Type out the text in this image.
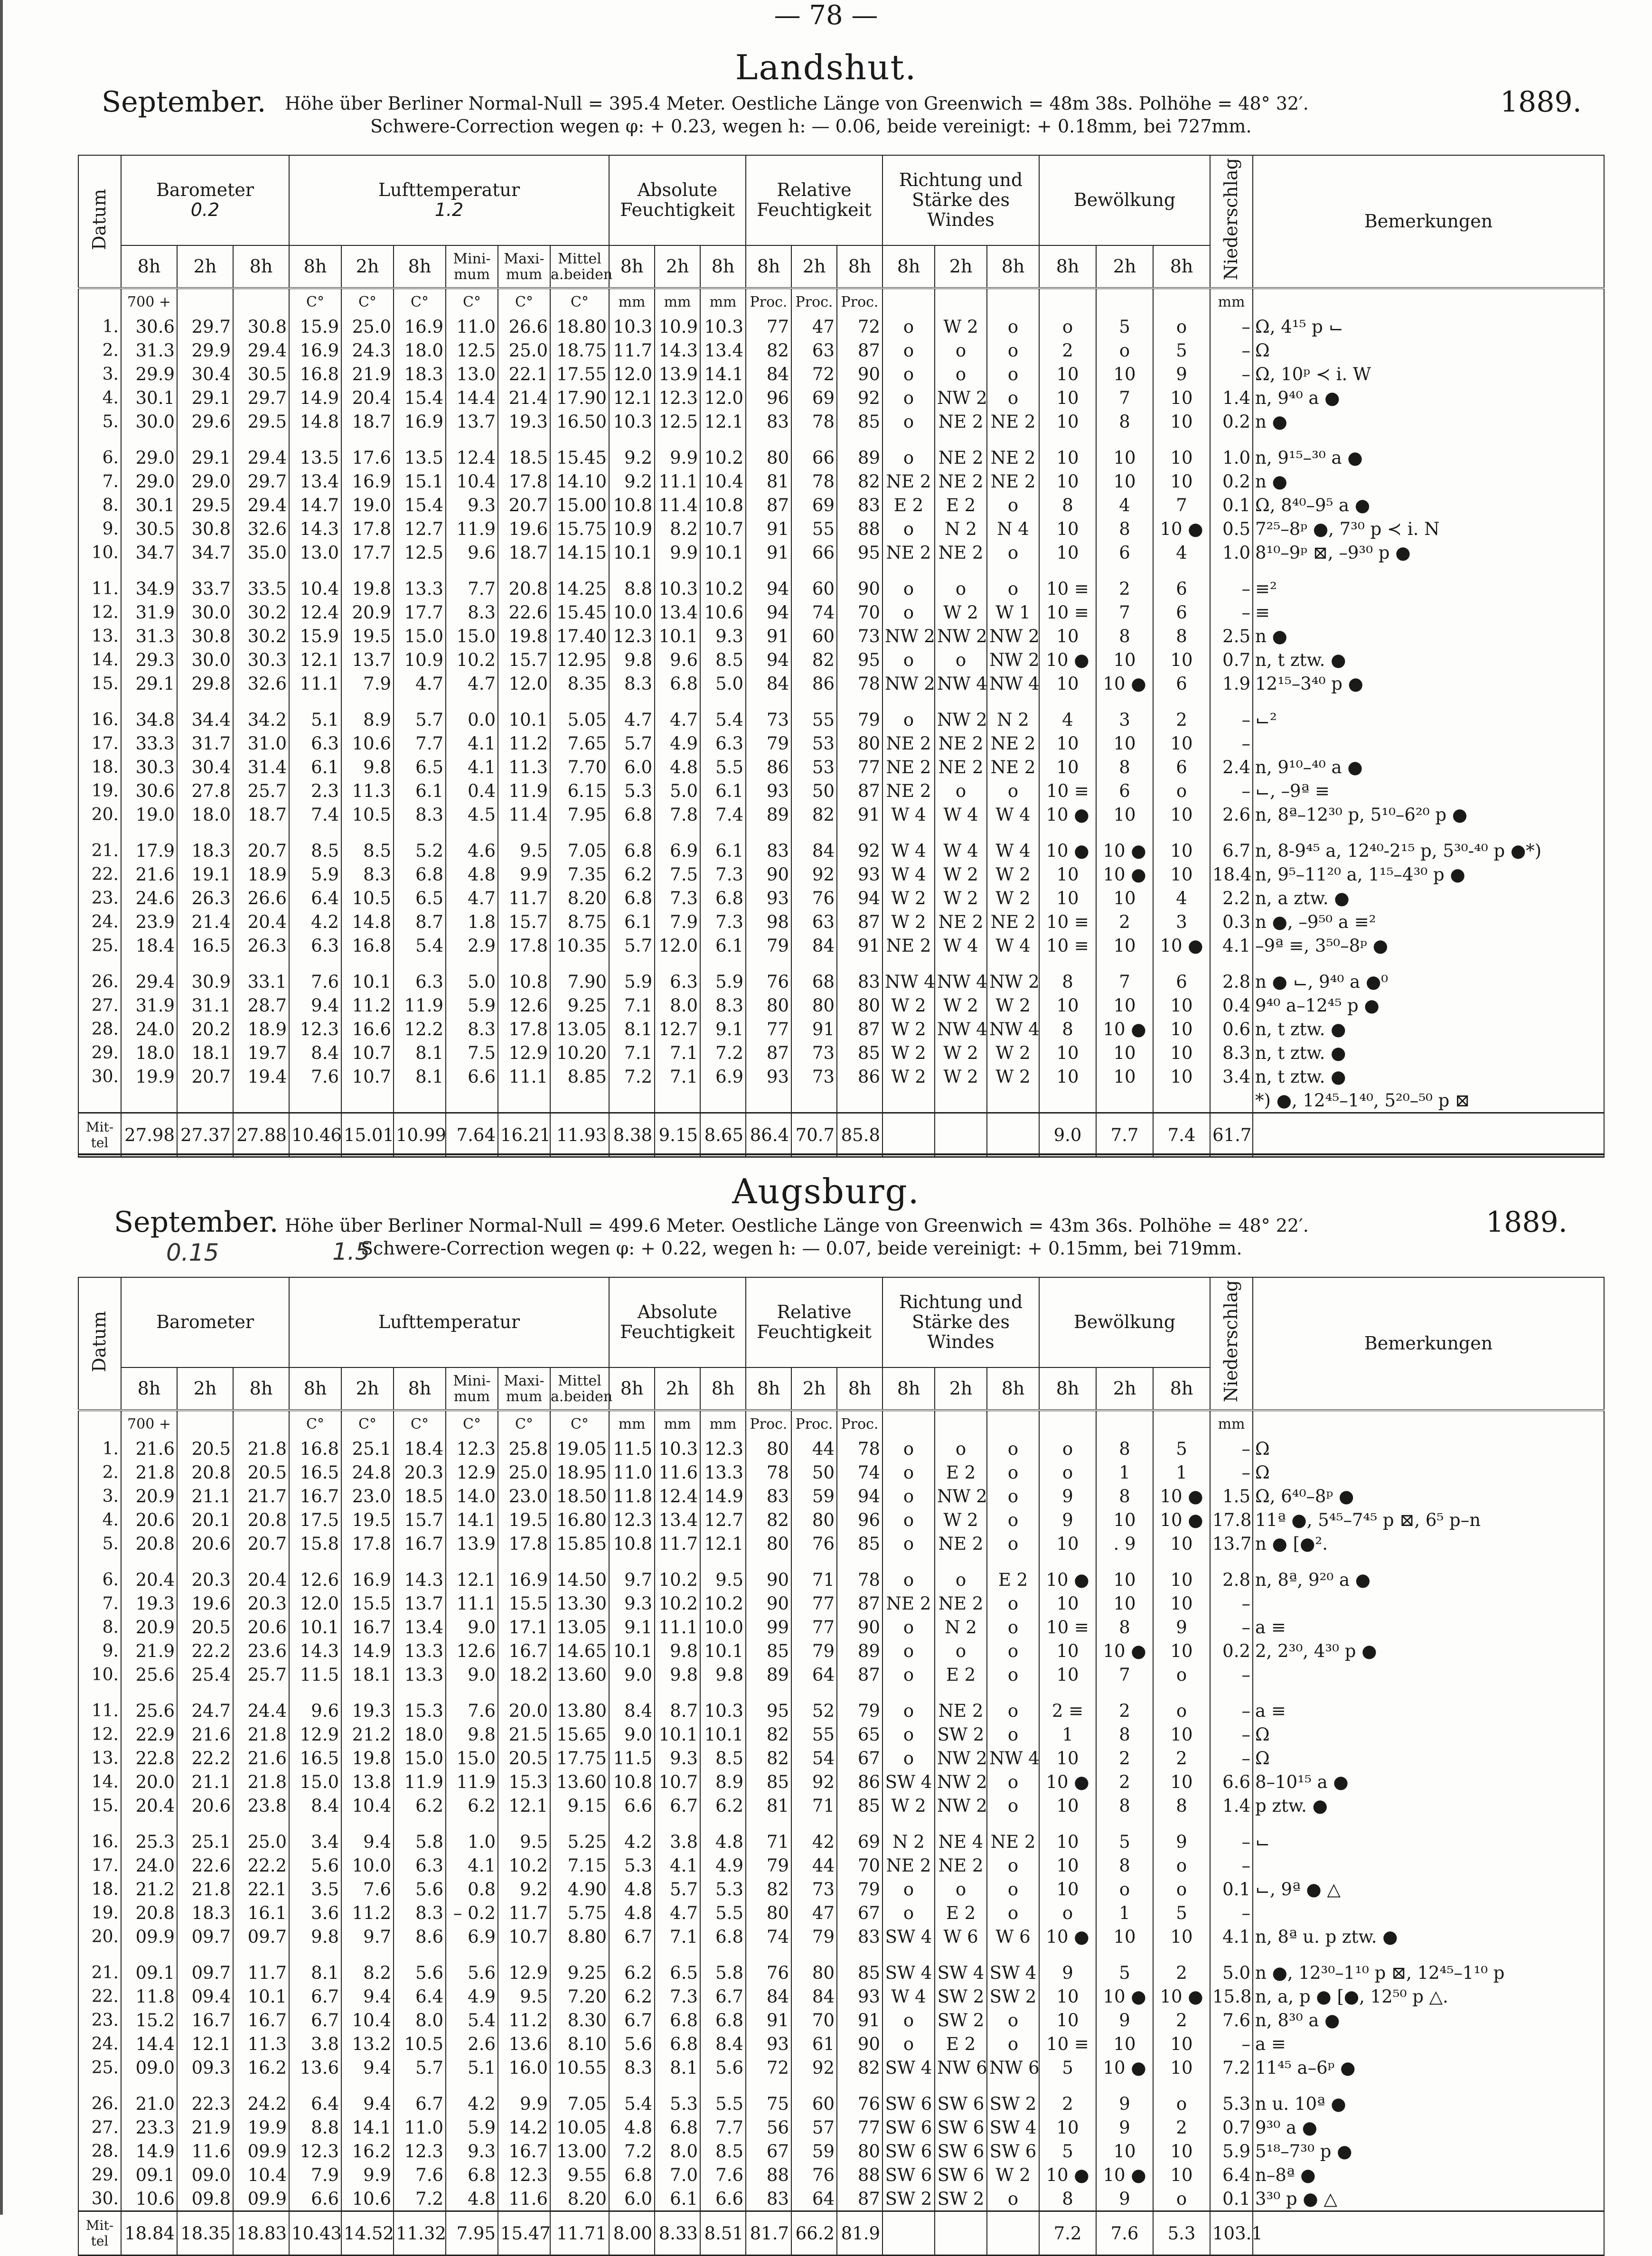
— 78 —
Landshut.
September.	1889.
Höhe über Berliner Normal-Null = 395.4 Meter. Oestliche Länge von Greenwich = 48m 38s. Polhöhe = 48° 32′.
Schwere-Correction wegen φ: + 0.23, wegen h: — 0.06, beide vereinigt: + 0.18mm, bei 727mm.
Datum	Barometer
0.2			Lufttemperatur
1.2						Absolute Feuchtigkeit			Relative Feuchtigkeit			Richtung und Stärke des Windes			Bewölkung			Niederschlag	Bemerkungen
	8h	2h	8h	8h	2h	8h	Mini-mum	Maxi-mum	Mittel a.beiden	8h	2h	8h	8h	2h	8h	8h	2h	8h	8h	2h	8h		
	700 +			C°	C°	C°	C°	C°	C°	mm	mm	mm	Proc.	Proc.	Proc.							mm	
1.	30.6	29.7	30.8	15.9	25.0	16.9	11.0	26.6	18.80	10.3	10.9	10.3	77	47	72	o	W 2	o	o	5	o	–	Ω, 4¹⁵ p ⌙
2.	31.3	29.9	29.4	16.9	24.3	18.0	12.5	25.0	18.75	11.7	14.3	13.4	82	63	87	o	o	o	2	o	5	–	Ω
3.	29.9	30.4	30.5	16.8	21.9	18.3	13.0	22.1	17.55	12.0	13.9	14.1	84	72	90	o	o	o	10	10	9	–	Ω, 10ᵖ ≺ i. W
4.	30.1	29.1	29.7	14.9	20.4	15.4	14.4	21.4	17.90	12.1	12.3	12.0	96	69	92	o	NW 2	o	10	7	10	1.4	n, 9⁴⁰ a ●
5.	30.0	29.6	29.5	14.8	18.7	16.9	13.7	19.3	16.50	10.3	12.5	12.1	83	78	85	o	NE 2	NE 2	10	8	10	0.2	n ●

6.	29.0	29.1	29.4	13.5	17.6	13.5	12.4	18.5	15.45	9.2	9.9	10.2	80	66	89	o	NE 2	NE 2	10	10	10	1.0	n, 9¹⁵–³⁰ a ●
7.	29.0	29.0	29.7	13.4	16.9	15.1	10.4	17.8	14.10	9.2	11.1	10.4	81	78	82	NE 2	NE 2	NE 2	10	10	10	0.2	n ●
8.	30.1	29.5	29.4	14.7	19.0	15.4	9.3	20.7	15.00	10.8	11.4	10.8	87	69	83	E 2	E 2	o	8	4	7	0.1	Ω, 8⁴⁰–9⁵ a ●
9.	30.5	30.8	32.6	14.3	17.8	12.7	11.9	19.6	15.75	10.9	8.2	10.7	91	55	88	o	N 2	N 4	10	8	10 ●	0.5	7²⁵–8ᵖ ●, 7³⁰ p ≺ i. N
10.	34.7	34.7	35.0	13.0	17.7	12.5	9.6	18.7	14.15	10.1	9.9	10.1	91	66	95	NE 2	NE 2	o	10	6	4	1.0	8¹⁰–9ᵖ ⊠, –9³⁰ p ●

11.	34.9	33.7	33.5	10.4	19.8	13.3	7.7	20.8	14.25	8.8	10.3	10.2	94	60	90	o	o	o	10 ≡	2	6	–	≡²
12.	31.9	30.0	30.2	12.4	20.9	17.7	8.3	22.6	15.45	10.0	13.4	10.6	94	74	70	o	W 2	W 1	10 ≡	7	6	–	≡
13.	31.3	30.8	30.2	15.9	19.5	15.0	15.0	19.8	17.40	12.3	10.1	9.3	91	60	73	NW 2	NW 2	NW 2	10	8	8	2.5	n ●
14.	29.3	30.0	30.3	12.1	13.7	10.9	10.2	15.7	12.95	9.8	9.6	8.5	94	82	95	o	o	NW 2	10 ●	10	10	0.7	n, t ztw. ●
15.	29.1	29.8	32.6	11.1	7.9	4.7	4.7	12.0	8.35	8.3	6.8	5.0	84	86	78	NW 2	NW 4	NW 4	10	10 ●	6	1.9	12¹⁵–3⁴⁰ p ●

16.	34.8	34.4	34.2	5.1	8.9	5.7	0.0	10.1	5.05	4.7	4.7	5.4	73	55	79	o	NW 2	N 2	4	3	2	–	⌙²
17.	33.3	31.7	31.0	6.3	10.6	7.7	4.1	11.2	7.65	5.7	4.9	6.3	79	53	80	NE 2	NE 2	NE 2	10	10	10	–	
18.	30.3	30.4	31.4	6.1	9.8	6.5	4.1	11.3	7.70	6.0	4.8	5.5	86	53	77	NE 2	NE 2	NE 2	10	8	6	2.4	n, 9¹⁰–⁴⁰ a ●
19.	30.6	27.8	25.7	2.3	11.3	6.1	0.4	11.9	6.15	5.3	5.0	6.1	93	50	87	NE 2	o	o	10 ≡	6	o	–	⌙, –9ª ≡
20.	19.0	18.0	18.7	7.4	10.5	8.3	4.5	11.4	7.95	6.8	7.8	7.4	89	82	91	W 4	W 4	W 4	10 ●	10	10	2.6	n, 8ª–12³⁰ p, 5¹⁰–6²⁰ p ●

21.	17.9	18.3	20.7	8.5	8.5	5.2	4.6	9.5	7.05	6.8	6.9	6.1	83	84	92	W 4	W 4	W 4	10 ●	10 ●	10	6.7	n, 8-9⁴⁵ a, 12⁴⁰-2¹⁵ p, 5³⁰-⁴⁰ p ●*)
22.	21.6	19.1	18.9	5.9	8.3	6.8	4.8	9.9	7.35	6.2	7.5	7.3	90	92	93	W 4	W 2	W 2	10	10 ●	10	18.4	n, 9⁵–11²⁰ a, 1¹⁵–4³⁰ p ●
23.	24.6	26.3	26.6	6.4	10.5	6.5	4.7	11.7	8.20	6.8	7.3	6.8	93	76	94	W 2	W 2	W 2	10	10	4	2.2	n, a ztw. ●
24.	23.9	21.4	20.4	4.2	14.8	8.7	1.8	15.7	8.75	6.1	7.9	7.3	98	63	87	W 2	NE 2	NE 2	10 ≡	2	3	0.3	n ●, –9⁵⁰ a ≡²
25.	18.4	16.5	26.3	6.3	16.8	5.4	2.9	17.8	10.35	5.7	12.0	6.1	79	84	91	NE 2	W 4	W 4	10 ≡	10	10 ●	4.1	–9ª ≡, 3⁵⁰–8ᵖ ●

26.	29.4	30.9	33.1	7.6	10.1	6.3	5.0	10.8	7.90	5.9	6.3	5.9	76	68	83	NW 4	NW 4	NW 2	8	7	6	2.8	n ● ⌙, 9⁴⁰ a ●⁰
27.	31.9	31.1	28.7	9.4	11.2	11.9	5.9	12.6	9.25	7.1	8.0	8.3	80	80	80	W 2	W 2	W 2	10	10	10	0.4	9⁴⁰ a–12⁴⁵ p ●
28.	24.0	20.2	18.9	12.3	16.6	12.2	8.3	17.8	13.05	8.1	12.7	9.1	77	91	87	W 2	NW 4	NW 4	8	10 ●	10	0.6	n, t ztw. ●
29.	18.0	18.1	19.7	8.4	10.7	8.1	7.5	12.9	10.20	7.1	7.1	7.2	87	73	85	W 2	W 2	W 2	10	10	10	8.3	n, t ztw. ●
30.	19.9	20.7	19.4	7.6	10.7	8.1	6.6	11.1	8.85	7.2	7.1	6.9	93	73	86	W 2	W 2	W 2	10	10	10	3.4	n, t ztw. ●
																							*) ●, 12⁴⁵–1⁴⁰, 5²⁰–⁵⁰ p ⊠
Mit-tel	27.98	27.37	27.88	10.46	15.01	10.99	7.64	16.21	11.93	8.38	9.15	8.65	86.4	70.7	85.8				9.0	7.7	7.4	61.7	
Augsburg.
September.	1889.
Höhe über Berliner Normal-Null = 499.6 Meter. Oestliche Länge von Greenwich = 43m 36s. Polhöhe = 48° 22′.
Schwere-Correction wegen φ: + 0.22, wegen h: — 0.07, beide vereinigt: + 0.15mm, bei 719mm.
0.15	1.5
Datum	Barometer			Lufttemperatur						Absolute Feuchtigkeit			Relative Feuchtigkeit			Richtung und Stärke des Windes			Bewölkung			Niederschlag	Bemerkungen
	8h	2h	8h	8h	2h	8h	Mini-mum	Maxi-mum	Mittel a.beiden	8h	2h	8h	8h	2h	8h	8h	2h	8h	8h	2h	8h		
	700 +			C°	C°	C°	C°	C°	C°	mm	mm	mm	Proc.	Proc.	Proc.							mm	
1.	21.6	20.5	21.8	16.8	25.1	18.4	12.3	25.8	19.05	11.5	10.3	12.3	80	44	78	o	o	o	o	8	5	–	Ω
2.	21.8	20.8	20.5	16.5	24.8	20.3	12.9	25.0	18.95	11.0	11.6	13.3	78	50	74	o	E 2	o	o	1	1	–	Ω
3.	20.9	21.1	21.7	16.7	23.0	18.5	14.0	23.0	18.50	11.8	12.4	14.9	83	59	94	o	NW 2	o	9	8	10 ●	1.5	Ω, 6⁴⁰–8ᵖ ●
4.	20.6	20.1	20.8	17.5	19.5	15.7	14.1	19.5	16.80	12.3	13.4	12.7	82	80	96	o	W 2	o	9	10	10 ●	17.8	11ª ●, 5⁴⁵–7⁴⁵ p ⊠, 6⁵ p–n
5.	20.8	20.6	20.7	15.8	17.8	16.7	13.9	17.8	15.85	10.8	11.7	12.1	80	76	85	o	NE 2	o	10	. 9	10	13.7	n ● [●².

6.	20.4	20.3	20.4	12.6	16.9	14.3	12.1	16.9	14.50	9.7	10.2	9.5	90	71	78	o	o	E 2	10 ●	10	10	2.8	n, 8ª, 9²⁰ a ●
7.	19.3	19.6	20.3	12.0	15.5	13.7	11.1	15.5	13.30	9.3	10.2	10.2	90	77	87	NE 2	NE 2	o	10	10	10	–	
8.	20.9	20.5	20.6	10.1	16.7	13.4	9.0	17.1	13.05	9.1	11.1	10.0	99	77	90	o	N 2	o	10 ≡	8	9	–	a ≡
9.	21.9	22.2	23.6	14.3	14.9	13.3	12.6	16.7	14.65	10.1	9.8	10.1	85	79	89	o	o	o	10	10 ●	10	0.2	2, 2³⁰, 4³⁰ p ●
10.	25.6	25.4	25.7	11.5	18.1	13.3	9.0	18.2	13.60	9.0	9.8	9.8	89	64	87	o	E 2	o	10	7	o	–	

11.	25.6	24.7	24.4	9.6	19.3	15.3	7.6	20.0	13.80	8.4	8.7	10.3	95	52	79	o	NE 2	o	2 ≡	2	o	–	a ≡
12.	22.9	21.6	21.8	12.9	21.2	18.0	9.8	21.5	15.65	9.0	10.1	10.1	82	55	65	o	SW 2	o	1	8	10	–	Ω
13.	22.8	22.2	21.6	16.5	19.8	15.0	15.0	20.5	17.75	11.5	9.3	8.5	82	54	67	o	NW 2	NW 4	10	2	2	–	Ω
14.	20.0	21.1	21.8	15.0	13.8	11.9	11.9	15.3	13.60	10.8	10.7	8.9	85	92	86	SW 4	NW 2	o	10 ●	2	10	6.6	8–10¹⁵ a ●
15.	20.4	20.6	23.8	8.4	10.4	6.2	6.2	12.1	9.15	6.6	6.7	6.2	81	71	85	W 2	NW 2	o	10	8	8	1.4	p ztw. ●

16.	25.3	25.1	25.0	3.4	9.4	5.8	1.0	9.5	5.25	4.2	3.8	4.8	71	42	69	N 2	NE 4	NE 2	10	5	9	–	⌙
17.	24.0	22.6	22.2	5.6	10.0	6.3	4.1	10.2	7.15	5.3	4.1	4.9	79	44	70	NE 2	NE 2	o	10	8	o	–	
18.	21.2	21.8	22.1	3.5	7.6	5.6	0.8	9.2	4.90	4.8	5.7	5.3	82	73	79	o	o	o	10	o	o	0.1	⌙, 9ª ● △
19.	20.8	18.3	16.1	3.6	11.2	8.3	– 0.2	11.7	5.75	4.8	4.7	5.5	80	47	67	o	E 2	o	o	1	5	–	
20.	09.9	09.7	09.7	9.8	9.7	8.6	6.9	10.7	8.80	6.7	7.1	6.8	74	79	83	SW 4	W 6	W 6	10 ●	10	10	4.1	n, 8ª u. p ztw. ●

21.	09.1	09.7	11.7	8.1	8.2	5.6	5.6	12.9	9.25	6.2	6.5	5.8	76	80	85	SW 4	SW 4	SW 4	9	5	2	5.0	n ●, 12³⁰–1¹⁰ p ⊠, 12⁴⁵–1¹⁰ p
22.	11.8	09.4	10.1	6.7	9.4	6.4	4.9	9.5	7.20	6.2	7.3	6.7	84	84	93	W 4	SW 2	SW 2	10	10 ●	10 ●	15.8	n, a, p ● [●, 12⁵⁰ p △.
23.	15.2	16.7	16.7	6.7	10.4	8.0	5.4	11.2	8.30	6.7	6.8	6.8	91	70	91	o	SW 2	o	10	9	2	7.6	n, 8³⁰ a ●
24.	14.4	12.1	11.3	3.8	13.2	10.5	2.6	13.6	8.10	5.6	6.8	8.4	93	61	90	o	E 2	o	10 ≡	10	10	–	a ≡
25.	09.0	09.3	16.2	13.6	9.4	5.7	5.1	16.0	10.55	8.3	8.1	5.6	72	92	82	SW 4	NW 6	NW 6	5	10 ●	10	7.2	11⁴⁵ a–6ᵖ ●

26.	21.0	22.3	24.2	6.4	9.4	6.7	4.2	9.9	7.05	5.4	5.3	5.5	75	60	76	SW 6	SW 6	SW 2	2	9	o	5.3	n u. 10ª ●
27.	23.3	21.9	19.9	8.8	14.1	11.0	5.9	14.2	10.05	4.8	6.8	7.7	56	57	77	SW 6	SW 6	SW 4	10	9	2	0.7	9³⁰ a ●
28.	14.9	11.6	09.9	12.3	16.2	12.3	9.3	16.7	13.00	7.2	8.0	8.5	67	59	80	SW 6	SW 6	SW 6	5	10	10	5.9	5¹⁸–7³⁰ p ●
29.	09.1	09.0	10.4	7.9	9.9	7.6	6.8	12.3	9.55	6.8	7.0	7.6	88	76	88	SW 6	SW 6	W 2	10 ●	10 ●	10	6.4	n–8ª ●
30.	10.6	09.8	09.9	6.6	10.6	7.2	4.8	11.6	8.20	6.0	6.1	6.6	83	64	87	SW 2	SW 2	o	8	9	o	0.1	3³⁰ p ● △
Mit-tel	18.84	18.35	18.83	10.43	14.52	11.32	7.95	15.47	11.71	8.00	8.33	8.51	81.7	66.2	81.9				7.2	7.6	5.3	103.1	
